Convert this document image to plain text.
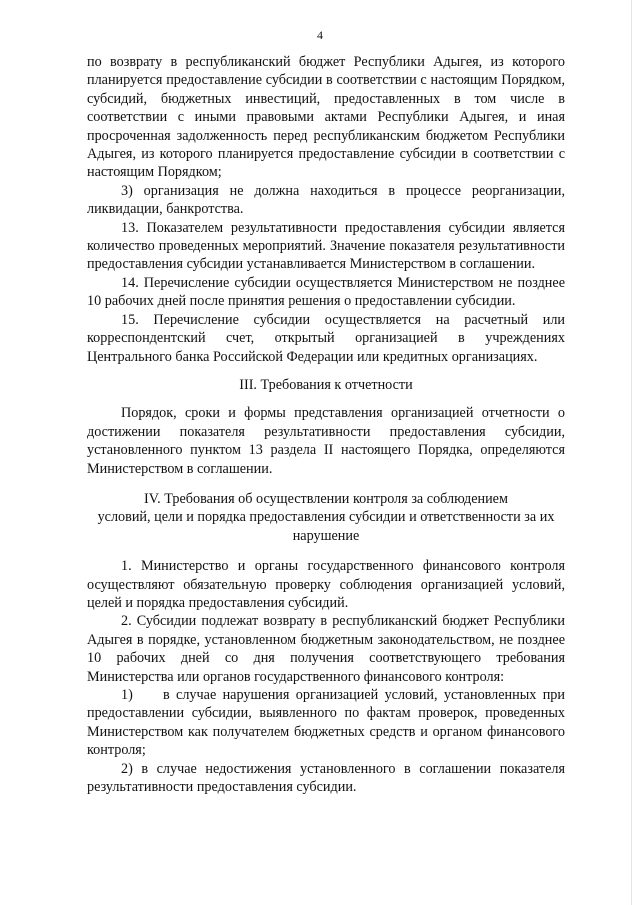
4

по возврату в республиканский бюджет Республики Адыгея, из которого планируется предоставление субсидии в соответствии с настоящим Порядком, субсидий, бюджетных инвестиций, предоставленных в том числе в соответствии с иными правовыми актами Республики Адыгея, и иная просроченная задолженность перед республиканским бюджетом Республики Адыгея, из которого планируется предоставление субсидии в соответствии с настоящим Порядком;

3) организация не должна находиться в процессе реорганизации, ликвидации, банкротства.

13. Показателем результативности предоставления субсидии является количество проведенных мероприятий. Значение показателя результативности предоставления субсидии устанавливается Министерством в соглашении.

14. Перечисление субсидии осуществляется Министерством не позднее 10 рабочих дней после принятия решения о предоставлении субсидии.

15. Перечисление субсидии осуществляется на расчетный или корреспондентский счет, открытый организацией в учреждениях Центрального банка Российской Федерации или кредитных организациях.

III. Требования к отчетности

Порядок, сроки и формы представления организацией отчетности о достижении показателя результативности предоставления субсидии, установленного пунктом 13 раздела II настоящего Порядка, определяются Министерством в соглашении.

IV. Требования об осуществлении контроля за соблюдением
условий, цели и порядка предоставления субсидии и ответственности за их нарушение

1. Министерство и органы государственного финансового контроля осуществляют обязательную проверку соблюдения организацией условий, целей и порядка предоставления субсидий.

2. Субсидии подлежат возврату в республиканский бюджет Республики Адыгея в порядке, установленном бюджетным законодательством, не позднее 10 рабочих дней со дня получения соответствующего требования Министерства или органов государственного финансового контроля:

1) в случае нарушения организацией условий, установленных при предоставлении субсидии, выявленного по фактам проверок, проведенных Министерством как получателем бюджетных средств и органом финансового контроля;

2) в случае недостижения установленного в соглашении показателя результативности предоставления субсидии.
